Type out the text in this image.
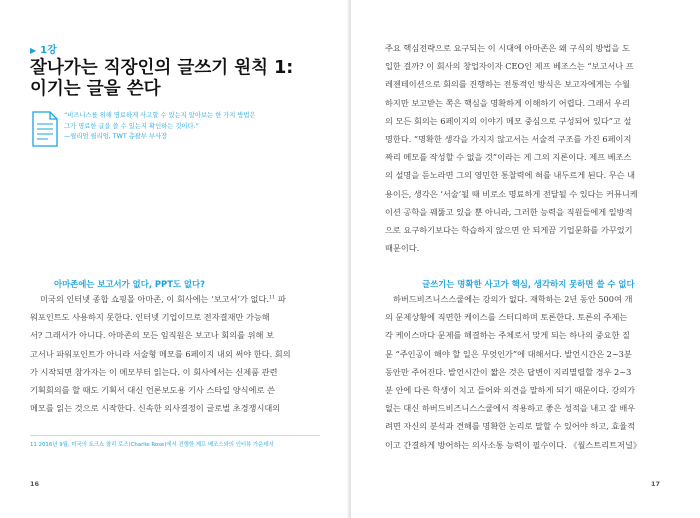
▶ 1강
잘나가는 직장인의 글쓰기 원칙 1:
이기는 글을 쓴다
“비즈니스를 위해 명료하게 사고할 수 있는지 알아보는 한 가지 방법은
그가 명료한 글을 쓸 수 있는지 확인하는 것이다.”
—윌리엄 윌리엄, TWT 총괄부 부사장
아마존에는 보고서가 없다, PPT도 없다?
미국의 인터넷 종합 쇼핑몰 아마존, 이 회사에는 ‘보고서’가 없다.$^{11}$ 파
워포인트도 사용하지 못한다. 인터넷 기업이므로 전자결재만 가능해
서? 그래서가 아니다. 아마존의 모든 임직원은 보고나 회의를 위해 보
고서나 파워포인트가 아니라 서술형 메모를 6페이지 내외 써야 한다. 회의
가 시작되면 참가자는 이 메모부터 읽는다. 이 회사에서는 신제품 관련
기획회의를 할 때도 기획서 대신 언론보도용 기사 스타일 양식에로 쓴
메모를 읽는 것으로 시작한다. 신속한 의사결정이 글로벌 초경쟁시대의
11 2016년 9월, 미국의 토크쇼 찰리 로즈(Charlie Rose)에서 진행한 제프 베조스와의 인터뷰 가운데서
16
주요 핵심전략으로 요구되는 이 시대에 아마존은 왜 구식의 방법을 도
입한 걸까? 이 회사의 창업자이자 CEO인 제프 베조스는 “보고서나 프
레젠테이션으로 회의를 진행하는 전통적인 방식은 보고자에게는 수월
하지만 보고받는 쪽은 핵심을 명확하게 이해하기 어렵다. 그래서 우리
의 모든 회의는 6페이지의 이야기 메모 중심으로 구성되어 있다”고 설
명한다. “명확한 생각을 가지지 않고서는 서술적 구조를 가진 6페이지
짜리 메모를 작성할 수 없을 것”이라는 게 그의 지론이다. 제프 베조스
의 설명을 듣노라면 그의 영민한 통찰력에 혀를 내두르게 된다. 무슨 내
용이든, 생각은 ‘서술’될 때 비로소 명료하게 전달될 수 있다는 커뮤니케
이션 공학을 꿰뚫고 있을 뿐 아니라, 그러한 능력을 직원들에게 일방적
으로 요구하기보다는 학습하지 않으면 안 되게끔 기업문화를 가꾸었기
때문이다.
글쓰기는 명확한 사고가 핵심, 생각하지 못하면 쓸 수 없다
하버드비즈니스스쿨에는 강의가 없다. 재학하는 2년 동안 500여 개
의 문제상황에 직면한 케이스를 스터디하며 토론한다. 토론의 주제는
각 케이스마다 문제를 해결하는 주체로서 맞게 되는 하나의 중요한 질
문 “주인공이 해야 할 일은 무엇인가”에 대해서다. 발언시간은 2~3분
동안만 주어진다. 발언시간이 짧은 것은 답변이 지리멸렬할 경우 2~3
분 안에 다른 학생이 치고 들어와 의견을 말하게 되기 때문이다. 강의가
없는 대신 하버드비즈니스스쿨에서 적용하고 좋은 성적을 내고 잘 배우
려면 자신의 분석과 견해를 명확한 논리로 말할 수 있어야 하고, 효율적
이고 간결하게 방어하는 의사소통 능력이 필수이다. 《월스트리트저널》
17
